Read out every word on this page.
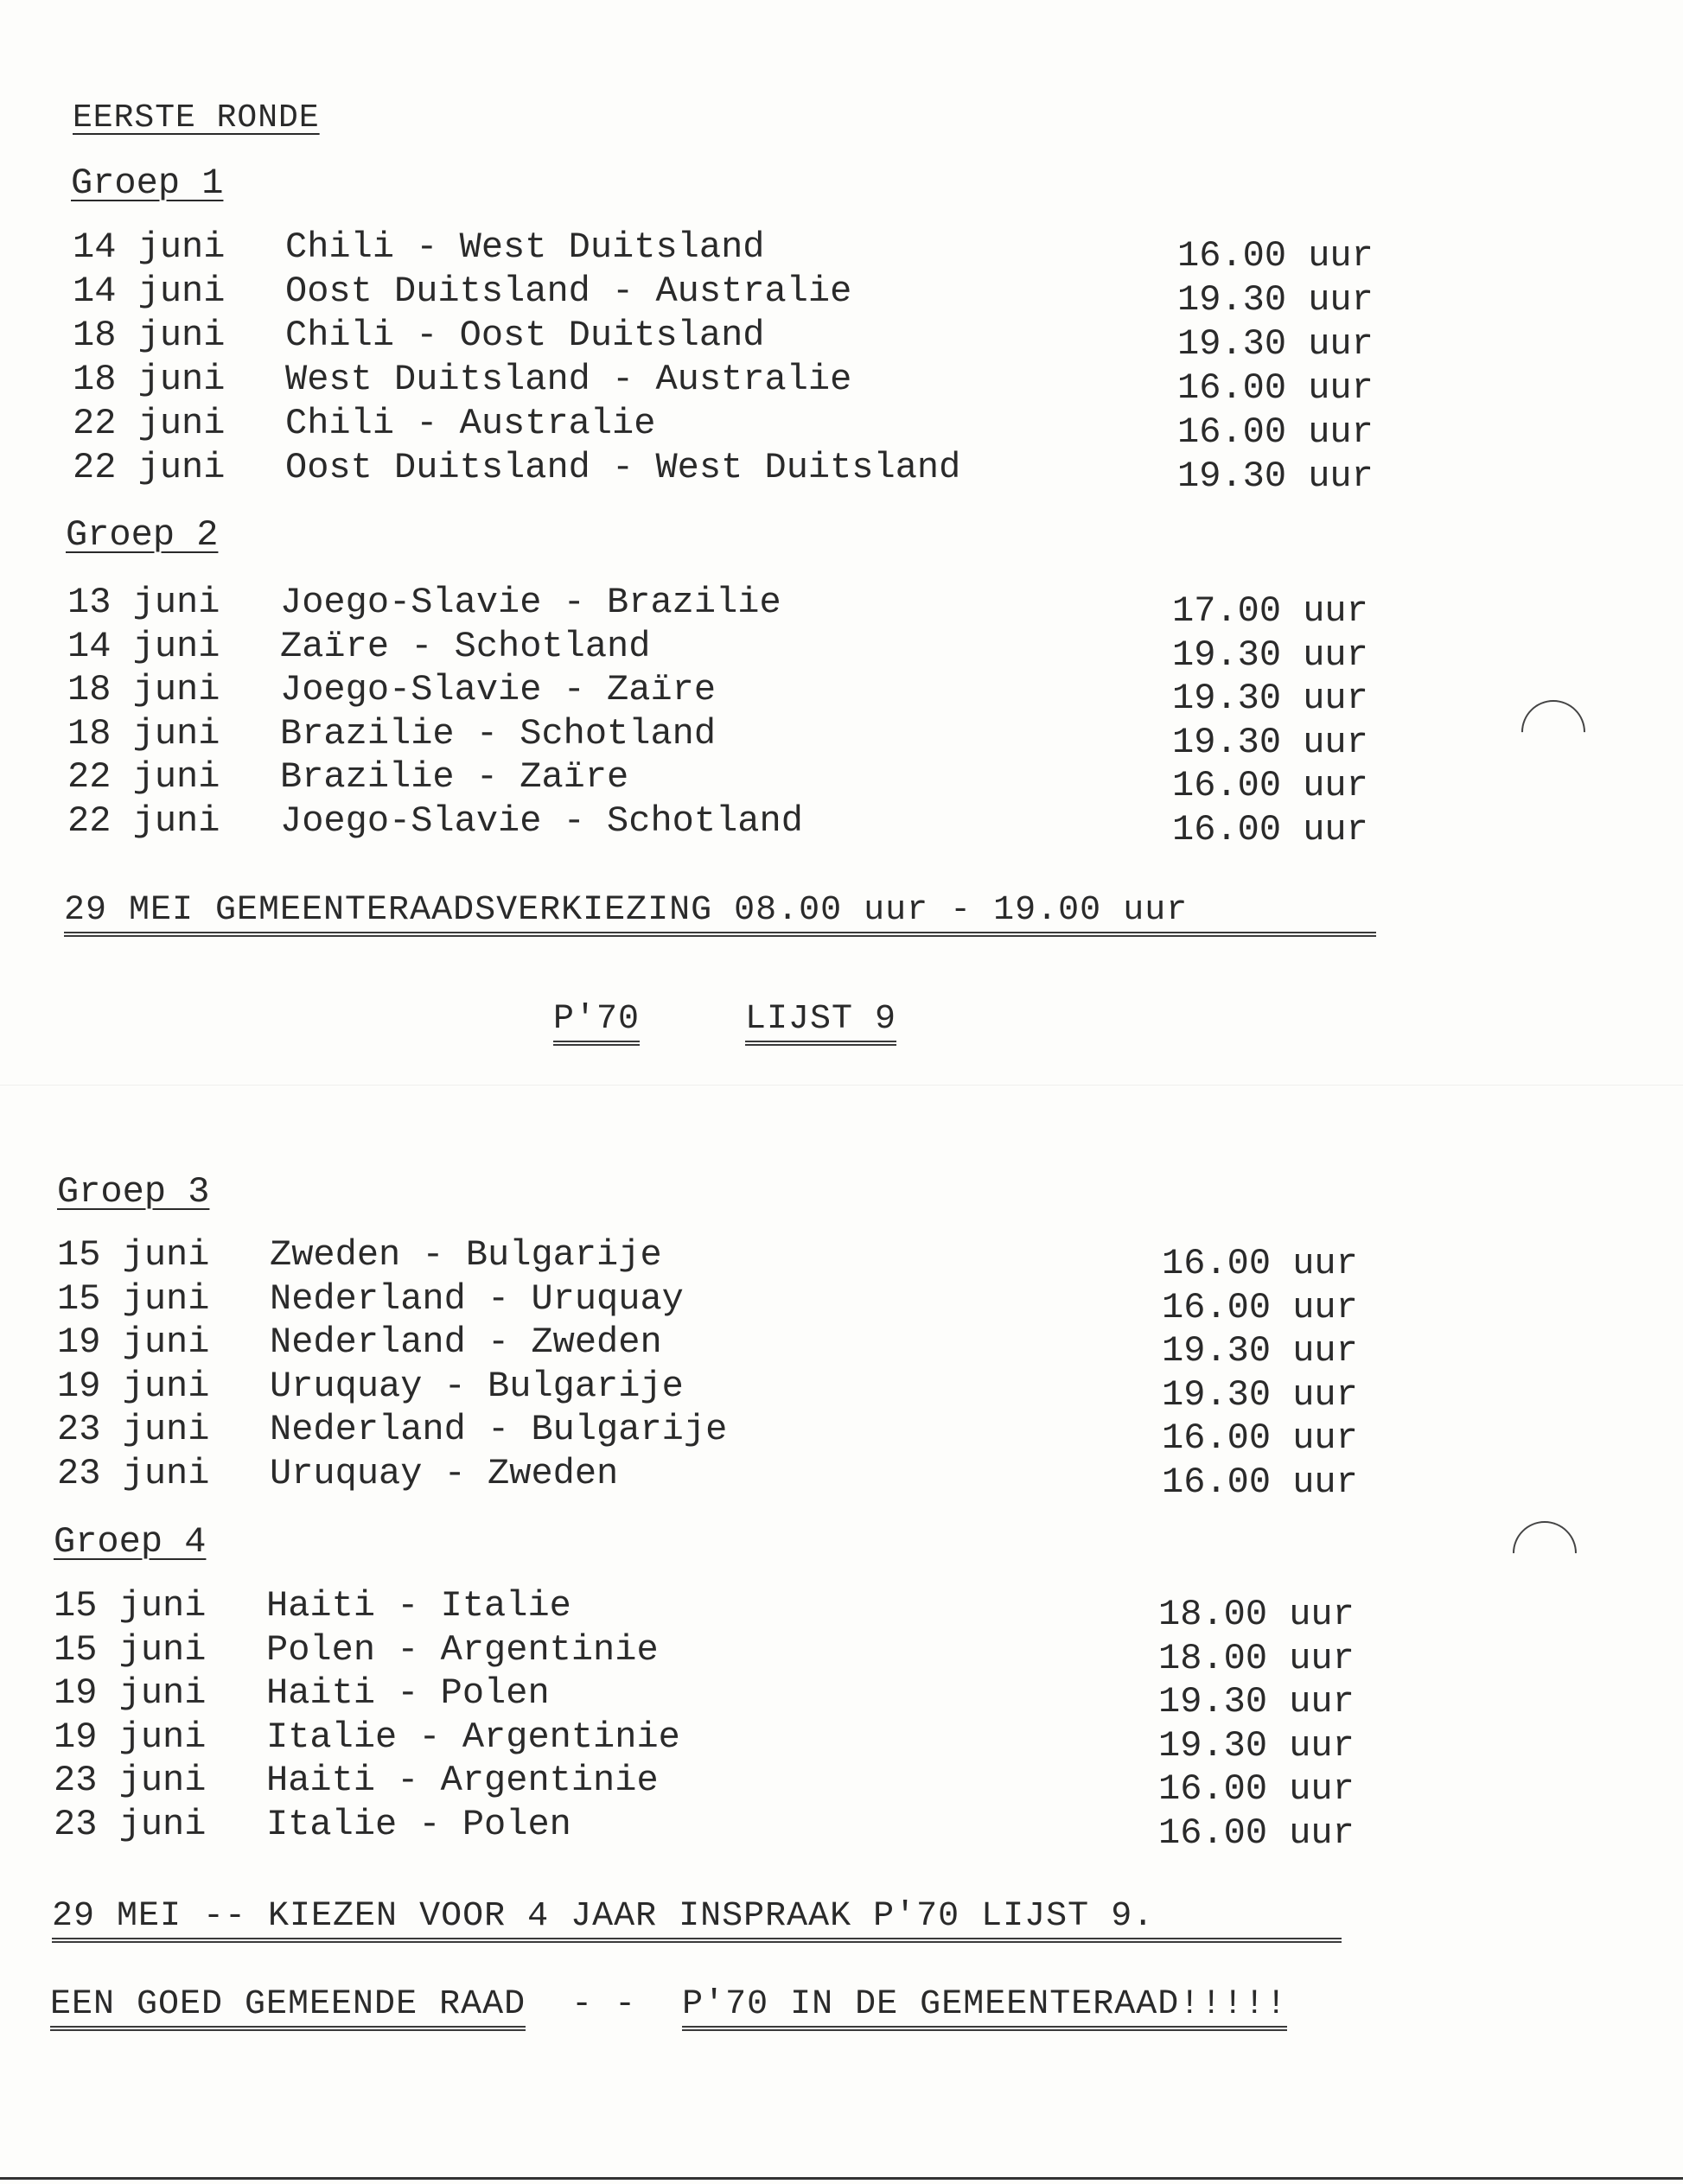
EERSTE RONDE
Groep 1
14 juni Chili - West Duitsland	16.00 uur
14 juni Oost Duitsland - Australie	19.30 uur
18 juni Chili - Oost Duitsland	19.30 uur
18 juni West Duitsland - Australie	16.00 uur
22 juni Chili - Australie	16.00 uur
22 juni Oost Duitsland - West Duitsland	19.30 uur
Groep 2
13 juni Joego-Slavie - Brazilie	17.00 uur
14 juni Zaïre - Schotland	19.30 uur
18 juni Joego-Slavie - Zaïre	19.30 uur
18 juni Brazilie - Schotland	19.30 uur
22 juni Brazilie - Zaïre	16.00 uur
22 juni Joego-Slavie - Schotland	16.00 uur
29 MEI GEMEENTERAADSVERKIEZING 08.00 uur - 19.00 uur
P'70	LIJST 9
Groep 3
15 juni Zweden - Bulgarije	16.00 uur
15 juni Nederland - Uruquay	16.00 uur
19 juni Nederland - Zweden	19.30 uur
19 juni Uruquay - Bulgarije	19.30 uur
23 juni Nederland - Bulgarije	16.00 uur
23 juni Uruquay - Zweden	16.00 uur
Groep 4
15 juni Haiti - Italie	18.00 uur
15 juni Polen - Argentinie	18.00 uur
19 juni Haiti - Polen	19.30 uur
19 juni Italie - Argentinie	19.30 uur
23 juni Haiti - Argentinie	16.00 uur
23 juni Italie - Polen	16.00 uur
29 MEI -- KIEZEN VOOR 4 JAAR INSPRAAK P'70 LIJST 9.
EEN GOED GEMEENDE RAAD - - P'70 IN DE GEMEENTERAAD!!!!!
